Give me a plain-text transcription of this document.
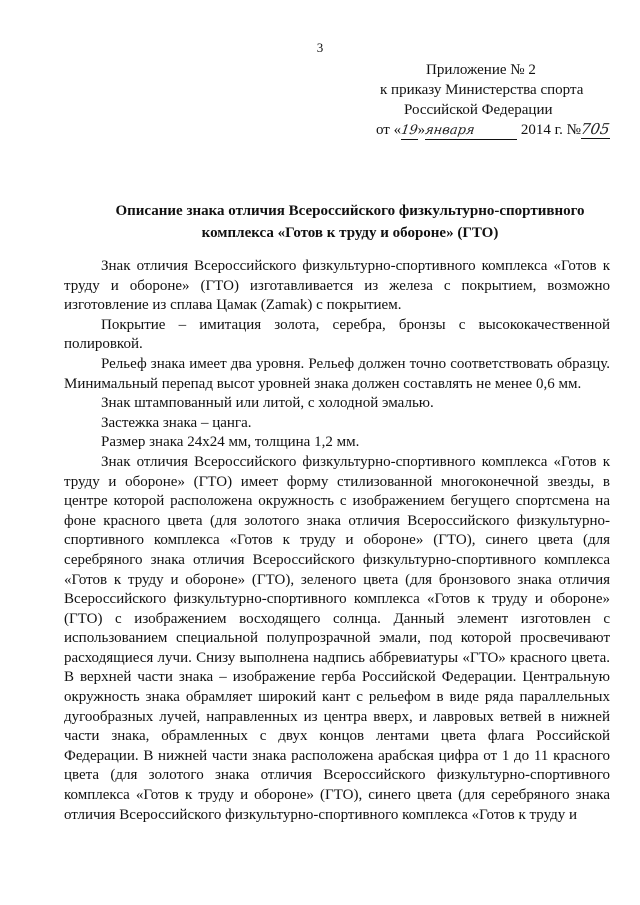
3
Приложение № 2
к приказу Министерства спорта
Российской Федерации
от «19»января	2014 г. №705
Описание знака отличия Всероссийского физкультурно-спортивного
комплекса «Готов к труду и обороне» (ГТО)

Знак отличия Всероссийского физкультурно-спортивного комплекса «Готов к труду и обороне» (ГТО) изготавливается из железа с покрытием, возможно изготовление из сплава Цамак (Zamak) с покрытием.

Покрытие – имитация золота, серебра, бронзы с высококачественной полировкой.

Рельеф знака имеет два уровня. Рельеф должен точно соответствовать образцу. Минимальный перепад высот уровней знака должен составлять не менее 0,6 мм.

Знак штампованный или литой, с холодной эмалью.

Застежка знака – цанга.

Размер знака 24х24 мм, толщина 1,2 мм.

Знак отличия Всероссийского физкультурно-спортивного комплекса «Готов к труду и обороне» (ГТО) имеет форму стилизованной многоконечной звезды, в центре которой расположена окружность с изображением бегущего спортсмена на фоне красного цвета (для золотого знака отличия Всероссийского физкультурно-спортивного комплекса «Готов к труду и обороне» (ГТО), синего цвета (для серебряного знака отличия Всероссийского физкультурно-спортивного комплекса «Готов к труду и обороне» (ГТО), зеленого цвета (для бронзового знака отличия Всероссийского физкультурно-спортивного комплекса «Готов к труду и обороне» (ГТО) с изображением восходящего солнца. Данный элемент изготовлен с использованием специальной полупрозрачной эмали, под которой просвечивают расходящиеся лучи. Снизу выполнена надпись аббревиатуры «ГТО» красного цвета. В верхней части знака – изображение герба Российской Федерации. Центральную окружность знака обрамляет широкий кант с рельефом в виде ряда параллельных дугообразных лучей, направленных из центра вверх, и лавровых ветвей в нижней части знака, обрамленных с двух концов лентами цвета флага Российской Федерации. В нижней части знака расположена арабская цифра от 1 до 11 красного цвета (для золотого знака отличия Всероссийского физкультурно-спортивного комплекса «Готов к труду и обороне» (ГТО), синего цвета (для серебряного знака отличия Всероссийского физкультурно-спортивного комплекса «Готов к труду и
